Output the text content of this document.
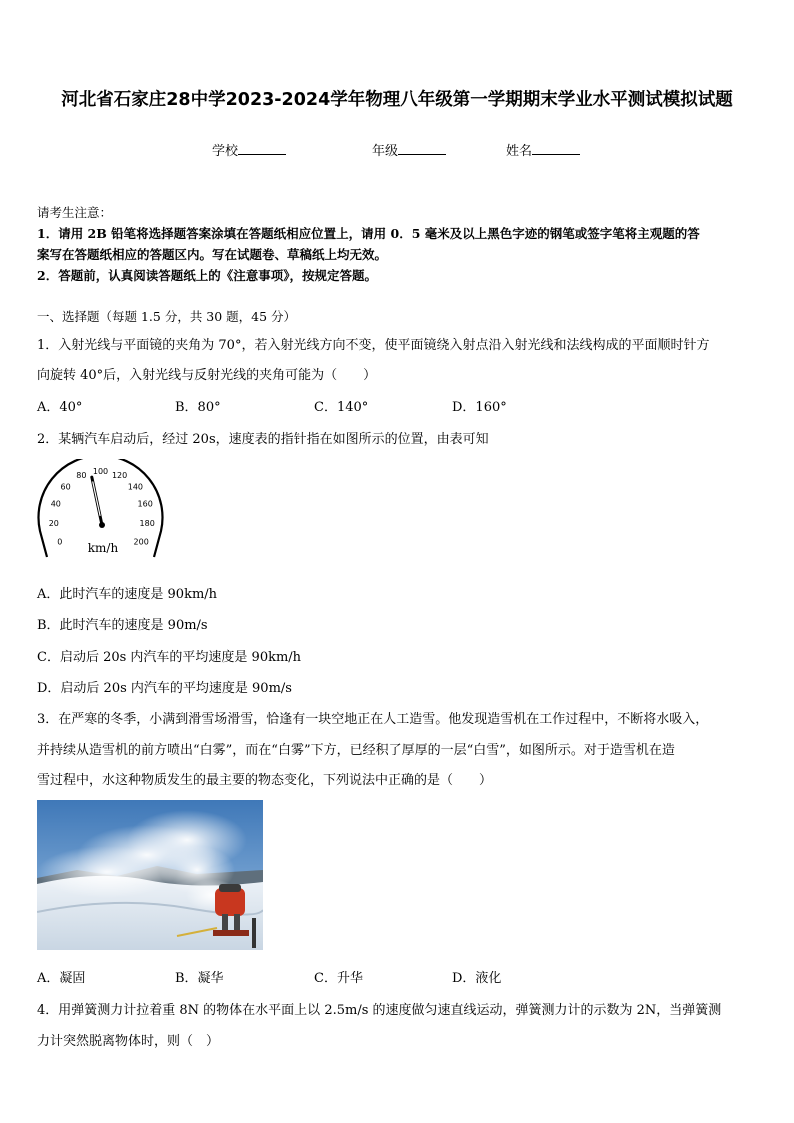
河北省石家庄28中学2023-2024学年物理八年级第一学期期末学业水平测试模拟试题
学校	年级	姓名
请考生注意：
1．请用 2B 铅笔将选择题答案涂填在答题纸相应位置上，请用 0．5 毫米及以上黑色字迹的钢笔或签字笔将主观题的答
案写在答题纸相应的答题区内。写在试题卷、草稿纸上均无效。
2．答题前，认真阅读答题纸上的《注意事项》，按规定答题。
一、选择题（每题 1.5 分，共 30 题，45 分）
1．入射光线与平面镜的夹角为 70°，若入射光线方向不变，使平面镜绕入射点沿入射光线和法线构成的平面顺时针方
向旋转 40°后，入射光线与反射光线的夹角可能为（　　）
A．40°	B．80°	C．140°	D．160°
2．某辆汽车启动后，经过 20s，速度表的指针指在如图所示的位置，由表可知
0
20
40
60
80 100 120
140
160
180
200
km/h
A．此时汽车的速度是 90km/h
B．此时汽车的速度是 90m/s
C．启动后 20s 内汽车的平均速度是 90km/h
D．启动后 20s 内汽车的平均速度是 90m/s
3．在严寒的冬季，小满到滑雪场滑雪，恰逢有一块空地正在人工造雪。他发现造雪机在工作过程中，不断将水吸入，
并持续从造雪机的前方喷出“白雾”，而在“白雾”下方，已经积了厚厚的一层“白雪”，如图所示。对于造雪机在造
雪过程中，水这种物质发生的最主要的物态变化，下列说法中正确的是（　　）
A．凝固	B．凝华	C．升华	D．液化
4．用弹簧测力计拉着重 8N 的物体在水平面上以 2.5m/s 的速度做匀速直线运动，弹簧测力计的示数为 2N，当弹簧测
力计突然脱离物体时，则（　）
